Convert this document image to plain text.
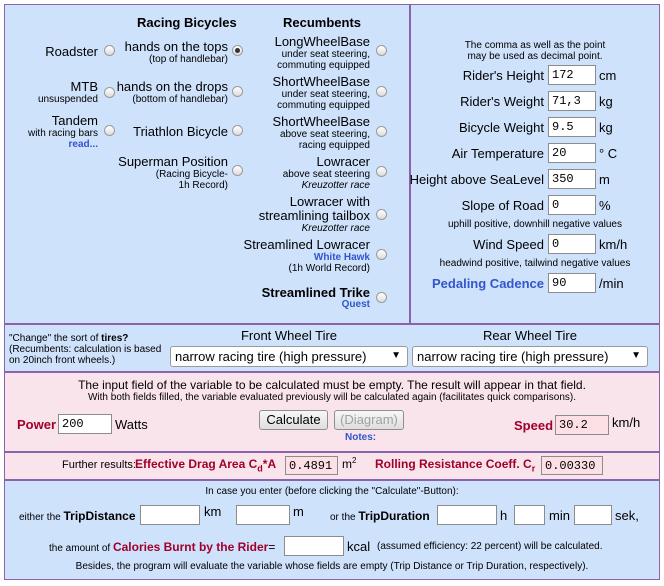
Racing Bicycles	Recumbents
Roadster
MTB
unsuspended
Tandem
with racing bars
read...
hands on the tops
(top of handlebar)
hands on the drops
(bottom of handlebar)
Triathlon Bicycle
Superman Position
(Racing Bicycle-
1h Record)
LongWheelBase
under seat steering,
commuting equipped
ShortWheelBase
under seat steering,
commuting equipped
ShortWheelBase
above seat steering,
racing equipped
Lowracer
above seat steering
Kreuzotter race
Lowracer with
streamlining tailbox
Kreuzotter race
Streamlined Lowracer
White Hawk
(1h World Record)
Streamlined Trike
Quest
The comma as well as the point
may be used as decimal point.
Rider's Height 172	cm
Rider's Weight 71,3	kg
Bicycle Weight 9.5	kg
Air Temperature 20	° C
Height above SeaLevel 350	m
Slope of Road 0	%
uphill positive, downhill negative values
Wind Speed 0	km/h
headwind positive, tailwind negative values
Pedaling Cadence 90	/min
"Change" the sort of tires?
(Recumbents: calculation is based
on 20inch front wheels.)
Front Wheel Tire
narrow racing tire (high pressure) ▼
Rear Wheel Tire
narrow racing tire (high pressure) ▼
The input field of the variable to be calculated must be empty. The result will appear in that field.
With both fields filled, the variable evaluated previously will be calculated again (facilitates quick comparisons).
Power 200	Watts	Calculate	(Diagram)
Notes:
Speed 30.2	km/h
Further results: Effective Drag Area $C_d*A$	0.4891 $m^2$ Rolling Resistance Coeff. $C_r$ 0.00330
In case you enter (before clicking the "Calculate"-Button):
either the TripDistance	km	m	or the TripDuration	h	min	sek,
the amount of Calories Burnt by the Rider=	kcal (assumed efficiency: 22 percent) will be calculated.
Besides, the program will evaluate the variable whose fields are empty (Trip Distance or Trip Duration, respectively).
